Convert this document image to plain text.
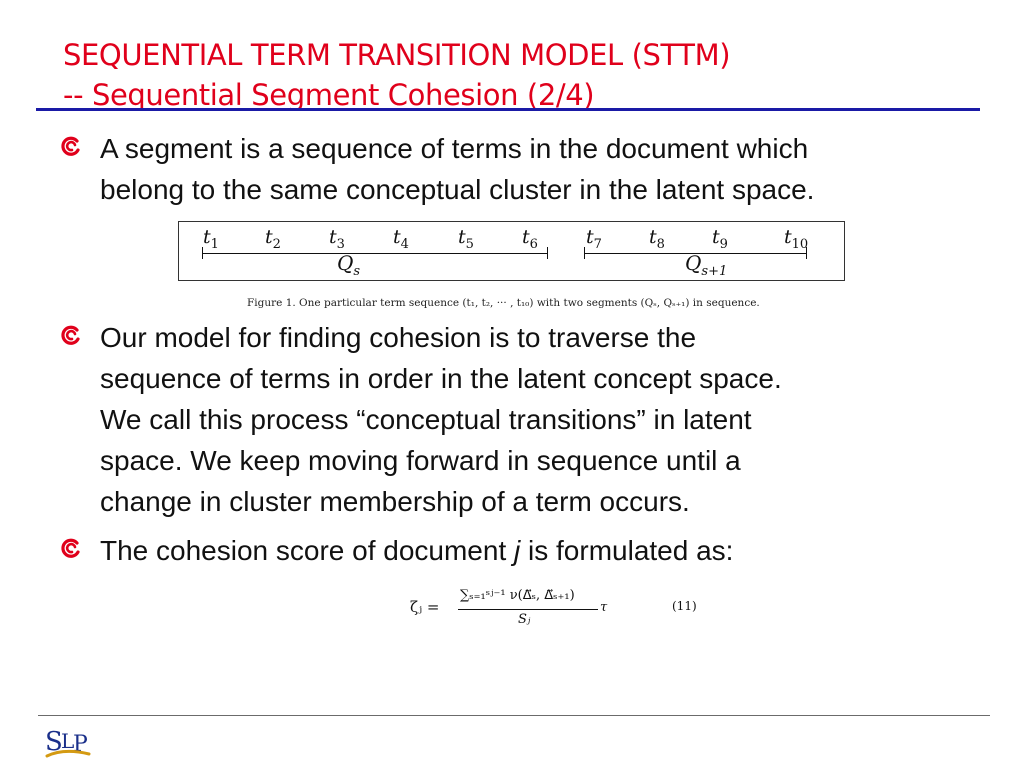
SEQUENTIAL TERM TRANSITION MODEL (STTM)
-- Sequential Segment Cohesion (2/4)
A segment is a sequence of terms in the document which
belong to the same conceptual cluster in the latent space.
$t_1$ $t_2$	$t_3$	$t_4$	$t_5$	$t_6$	$t_7$ $t_8$ $t_9$	$t_{10}$
$Q_s$	$Q_{s+1}$
Figure 1. One particular term sequence (t₁, t₂, ··· , t₁₀) with two segments (Qₛ, Qₛ₊₁) in sequence.
Our model for finding cohesion is to traverse the
sequence of terms in order in the latent concept space.
We call this process “conceptual transitions” in latent
space. We keep moving forward in sequence until a
change in cluster membership of a term occurs.
The cohesion score of document j is formulated as:
ζⱼ =
∑ₛ₌₁ˢʲ⁻¹ ν(Δ⃗ₛ, Δ⃗ₛ₊₁)
Sⱼ
τ	(11)
S
L
P
